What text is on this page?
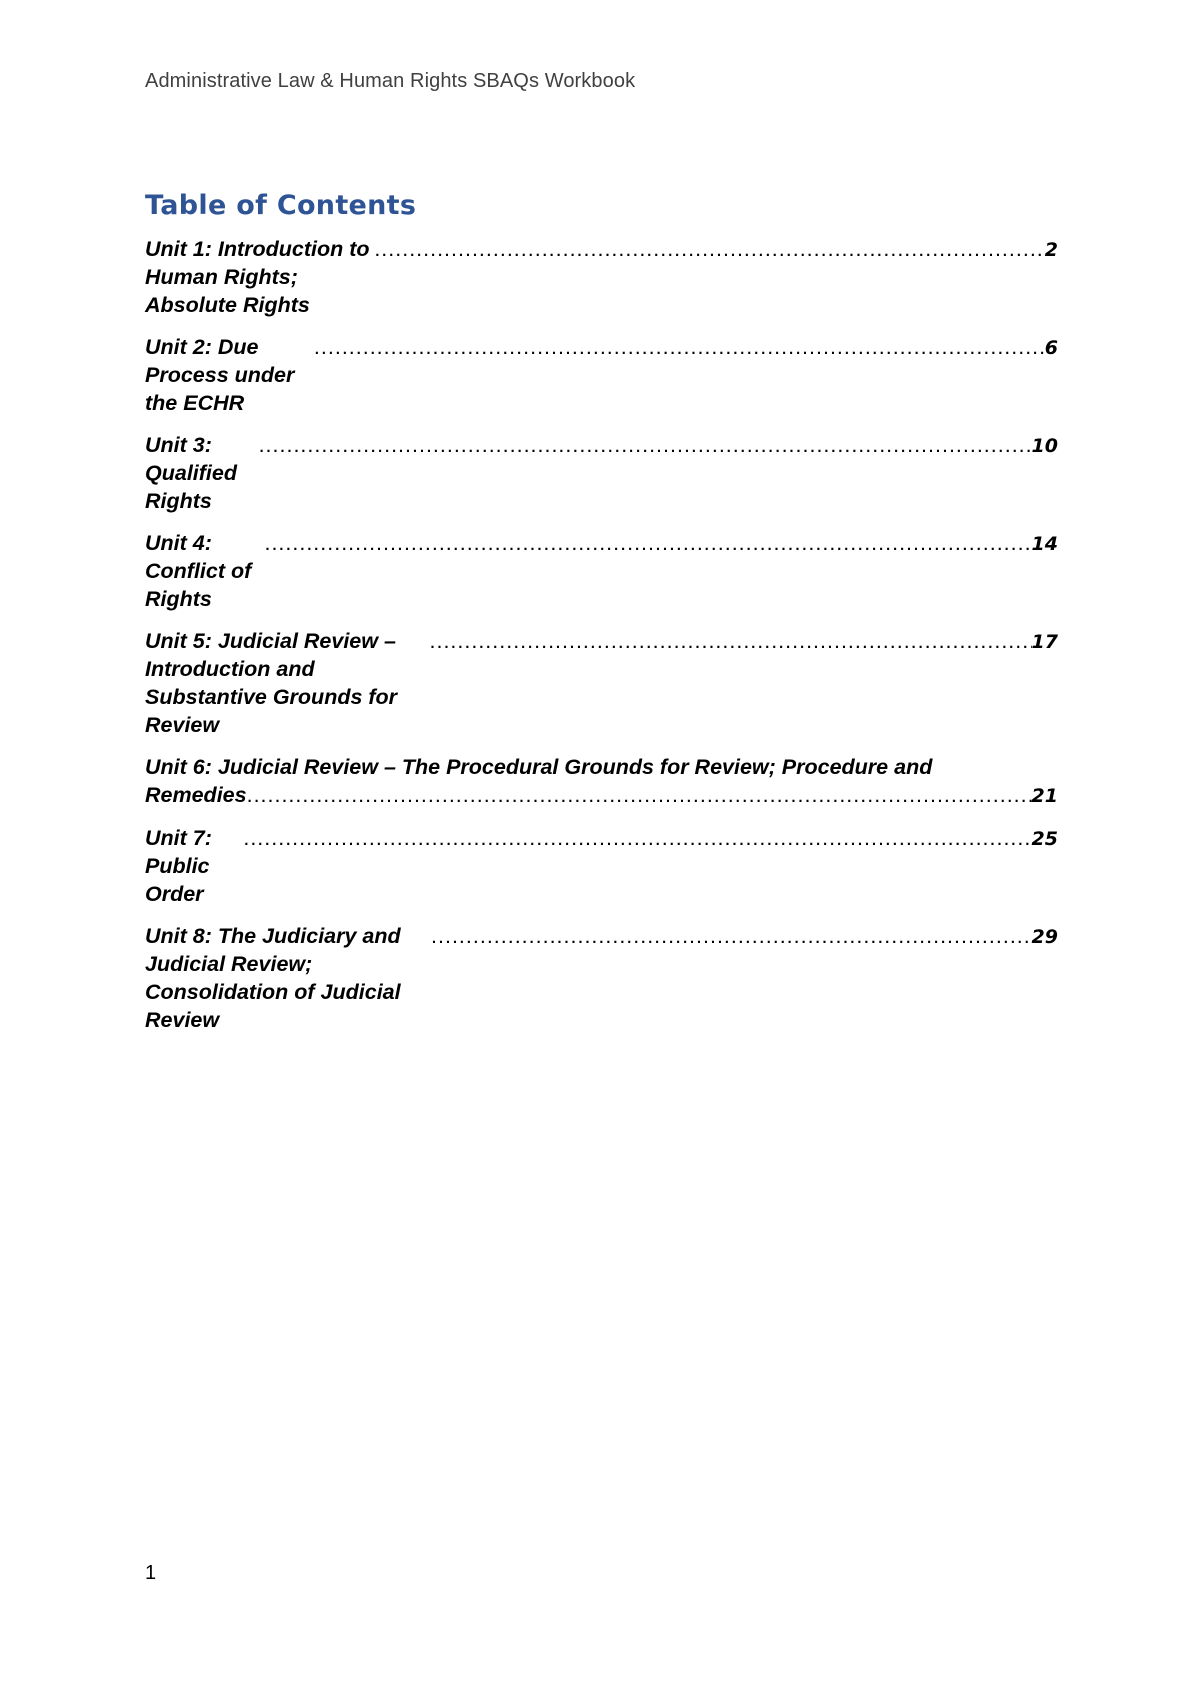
Administrative Law & Human Rights SBAQs Workbook
Table of Contents
Unit 1: Introduction to Human Rights; Absolute Rights
.....
2
Unit 2: Due Process under the ECHR
.....
6
Unit 3: Qualified Rights
.....
10
Unit 4: Conflict of Rights
.....
14
Unit 5: Judicial Review – Introduction and Substantive Grounds for Review
.....
17
Unit 6: Judicial Review – The Procedural Grounds for Review; Procedure and
Remedies
.....	21
Unit 7: Public Order
.....
25
Unit 8: The Judiciary and Judicial Review; Consolidation of Judicial Review
.....
29
1
